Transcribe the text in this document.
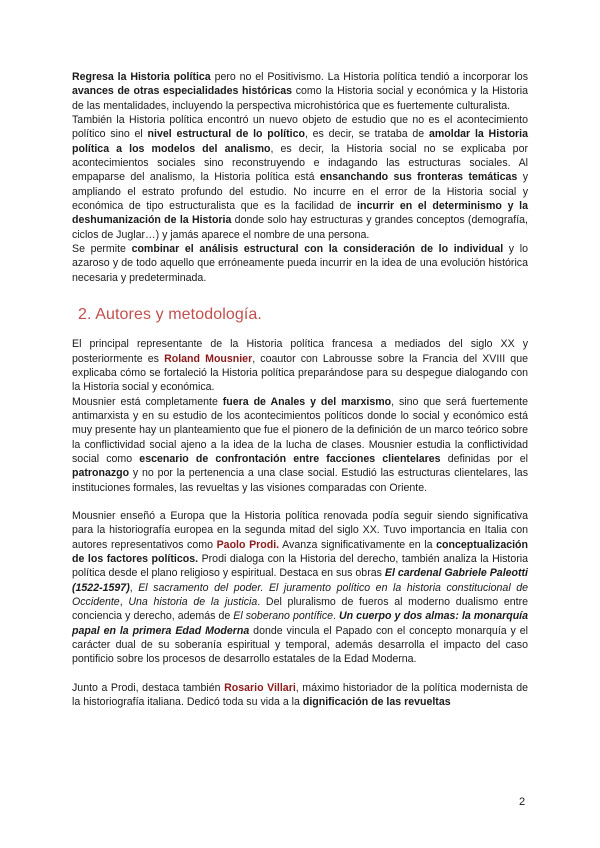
Regresa la Historia política pero no el Positivismo. La Historia política tendió a incorporar los avances de otras especialidades históricas como la Historia social y económica y la Historia de las mentalidades, incluyendo la perspectiva microhistórica que es fuertemente culturalista.

También la Historia política encontró un nuevo objeto de estudio que no es el acontecimiento político sino el nivel estructural de lo político, es decir, se trataba de amoldar la Historia política a los modelos del analismo, es decir, la Historia social no se explicaba por acontecimientos sociales sino reconstruyendo e indagando las estructuras sociales. Al empaparse del analismo, la Historia política está ensanchando sus fronteras temáticas y ampliando el estrato profundo del estudio. No incurre en el error de la Historia social y económica de tipo estructuralista que es la facilidad de incurrir en el determinismo y la deshumanización de la Historia donde solo hay estructuras y grandes conceptos (demografía, ciclos de Juglar…) y jamás aparece el nombre de una persona.

Se permite combinar el análisis estructural con la consideración de lo individual y lo azaroso y de todo aquello que erróneamente pueda incurrir en la idea de una evolución histórica necesaria y predeterminada.

2. Autores y metodología.

El principal representante de la Historia política francesa a mediados del siglo XX y posteriormente es Roland Mousnier, coautor con Labrousse sobre la Francia del XVIII que explicaba cómo se fortaleció la Historia política preparándose para su despegue dialogando con la Historia social y económica.

Mousnier está completamente fuera de Anales y del marxismo, sino que será fuertemente antimarxista y en su estudio de los acontecimientos políticos donde lo social y económico está muy presente hay un planteamiento que fue el pionero de la definición de un marco teórico sobre la conflictividad social ajeno a la idea de la lucha de clases. Mousnier estudia la conflictividad social como escenario de confrontación entre facciones clientelares definidas por el patronazgo y no por la pertenencia a una clase social. Estudió las estructuras clientelares, las instituciones formales, las revueltas y las visiones comparadas con Oriente.

Mousnier enseñó a Europa que la Historia política renovada podía seguir siendo significativa para la historiografía europea en la segunda mitad del siglo XX. Tuvo importancia en Italia con autores representativos como Paolo Prodi. Avanza significativamente en la conceptualización de los factores políticos. Prodi dialoga con la Historia del derecho, también analiza la Historia política desde el plano religioso y espiritual. Destaca en sus obras El cardenal Gabriele Paleotti (1522-1597), El sacramento del poder. El juramento político en la historia constitucional de Occidente, Una historia de la justicia. Del pluralismo de fueros al moderno dualismo entre conciencia y derecho, además de El soberano pontífice. Un cuerpo y dos almas: la monarquía papal en la primera Edad Moderna donde vincula el Papado con el concepto monarquía y el carácter dual de su soberanía espiritual y temporal, además desarrolla el impacto del caso pontificio sobre los procesos de desarrollo estatales de la Edad Moderna.

Junto a Prodi, destaca también Rosario Villari, máximo historiador de la política modernista de la historiografía italiana. Dedicó toda su vida a la dignificación de las revueltas

2
